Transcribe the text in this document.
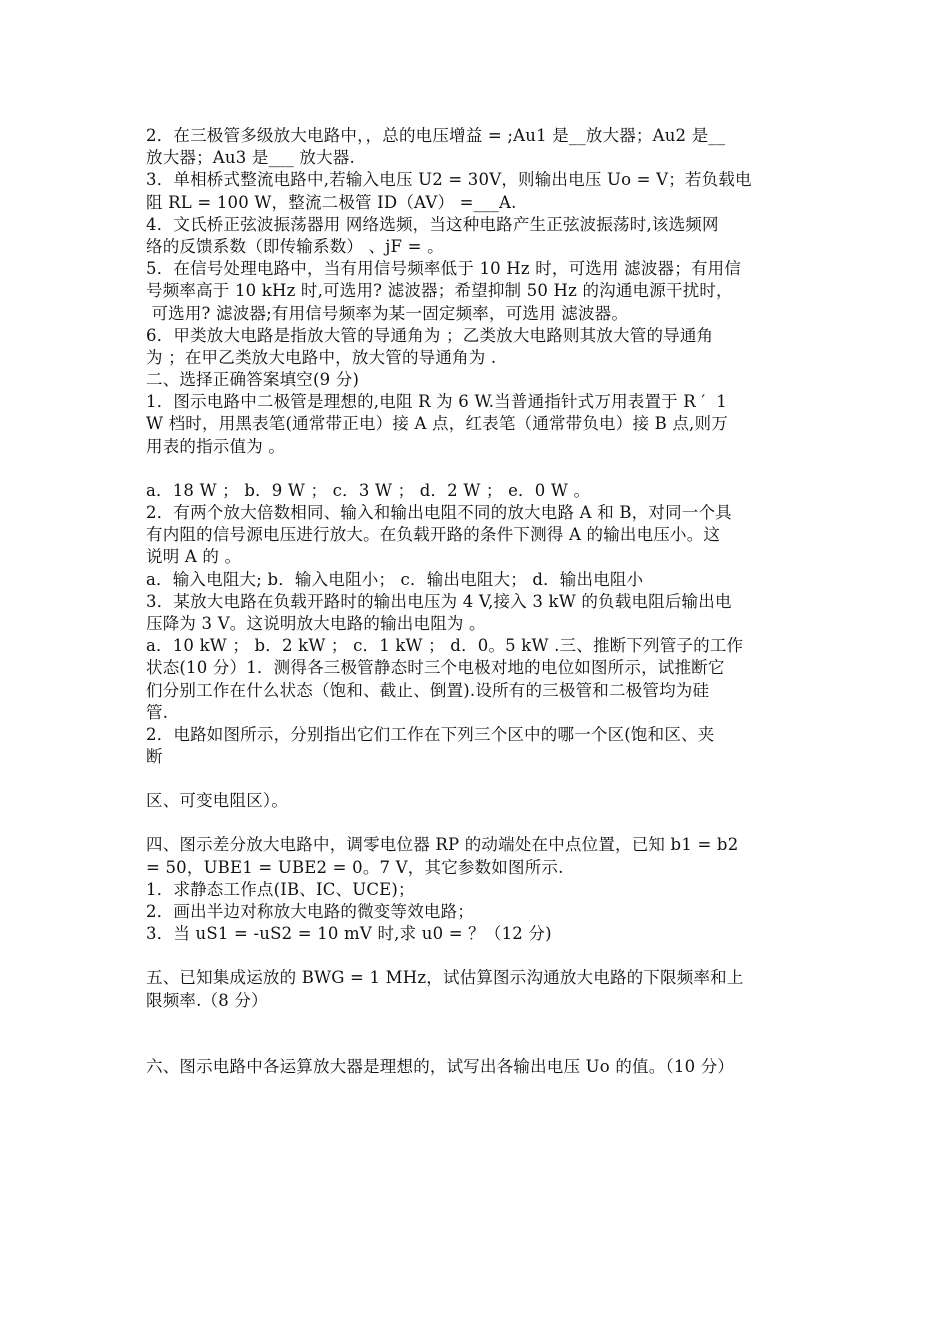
2．在三极管多级放大电路中，，总的电压增益 = ;Au1 是__放大器；Au2 是__
放大器；Au3 是___ 放大器.
3．单相桥式整流电路中,若输入电压 U2 = 30V，则输出电压 Uo = V；若负载电
阻 RL = 100 W，整流二极管 ID（AV） =___A.
4．文氏桥正弦波振荡器用 网络选频，当这种电路产生正弦波振荡时,该选频网
络的反馈系数（即传输系数） 、jF = 。
5．在信号处理电路中，当有用信号频率低于 10 Hz 时，可选用 滤波器；有用信
号频率高于 10 kHz 时,可选用? 滤波器；希望抑制 50 Hz 的沟通电源干扰时，
可选用? 滤波器;有用信号频率为某一固定频率，可选用 滤波器。
6．甲类放大电路是指放大管的导通角为 ；乙类放大电路则其放大管的导通角
为 ；在甲乙类放大电路中，放大管的导通角为 .
二、选择正确答案填空(9 分)
1．图示电路中二极管是理想的,电阻 R 为 6 W.当普通指针式万用表置于 R ′  1
W 档时，用黑表笔(通常带正电）接 A 点，红表笔（通常带负电）接 B 点,则万
用表的指示值为 。
a．18 W ； b．9 W ； c．3 W ； d．2 W ； e．0 W 。
2．有两个放大倍数相同、输入和输出电阻不同的放大电路 A 和 B，对同一个具
有内阻的信号源电压进行放大。在负载开路的条件下测得 A 的输出电压小。这
说明 A 的 。
a．输入电阻大; b．输入电阻小； c．输出电阻大； d．输出电阻小
3．某放大电路在负载开路时的输出电压为 4 V,接入 3 kW 的负载电阻后输出电
压降为 3 V。这说明放大电路的输出电阻为 。
a．10 kW ； b．2 kW ； c．1 kW ； d．0。5 kW .三、推断下列管子的工作
状态(10 分）1．测得各三极管静态时三个电极对地的电位如图所示，试推断它
们分别工作在什么状态（饱和、截止、倒置).设所有的三极管和二极管均为硅
管.
2．电路如图所示，分别指出它们工作在下列三个区中的哪一个区(饱和区、夹
断
区、可变电阻区）。
四、图示差分放大电路中，调零电位器 RP 的动端处在中点位置，已知 b1 = b2
= 50，UBE1 = UBE2 = 0。7 V，其它参数如图所示.
1．求静态工作点(IB、IC、UCE)；
2．画出半边对称放大电路的微变等效电路；
3．当 uS1 = -uS2 = 10 mV 时,求 u0 = ？（12 分)
五、已知集成运放的 BWG = 1 MHz，试估算图示沟通放大电路的下限频率和上
限频率.（8 分）
六、图示电路中各运算放大器是理想的，试写出各输出电压 Uo 的值。（10 分）
